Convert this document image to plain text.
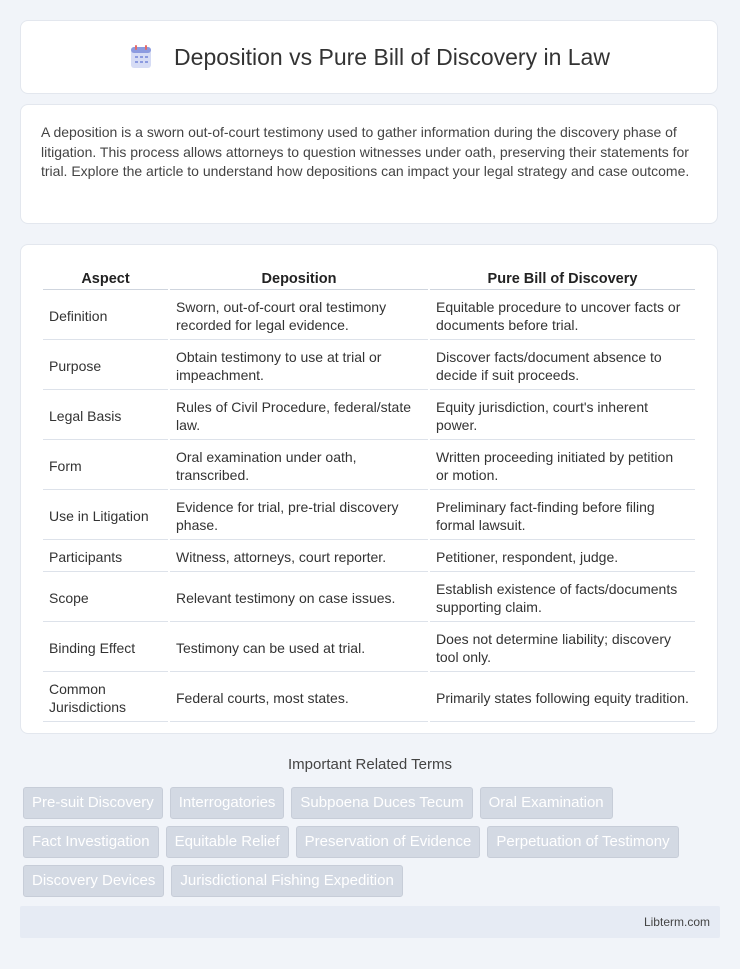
Deposition vs Pure Bill of Discovery in Law

A deposition is a sworn out-of-court testimony used to gather information during the discovery phase of litigation. This process allows attorneys to question witnesses under oath, preserving their statements for trial. Explore the article to understand how depositions can impact your legal strategy and case outcome.

Aspect	Deposition	Pure Bill of Discovery
Definition	Sworn, out-of-court oral testimony recorded for legal evidence.	Equitable procedure to uncover facts or documents before trial.
Purpose	Obtain testimony to use at trial or impeachment.	Discover facts/document absence to decide if suit proceeds.
Legal Basis	Rules of Civil Procedure, federal/state law.	Equity jurisdiction, court's inherent power.
Form	Oral examination under oath, transcribed.	Written proceeding initiated by petition or motion.
Use in Litigation	Evidence for trial, pre-trial discovery phase.	Preliminary fact-finding before filing formal lawsuit.
Participants	Witness, attorneys, court reporter.	Petitioner, respondent, judge.
Scope	Relevant testimony on case issues.	Establish existence of facts/documents supporting claim.
Binding Effect	Testimony can be used at trial.	Does not determine liability; discovery tool only.
Common Jurisdictions	Federal courts, most states.	Primarily states following equity tradition.
Important Related Terms
Pre-suit Discovery	Interrogatories	Subpoena Duces Tecum	Oral Examination
Fact Investigation	Equitable Relief	Preservation of Evidence	Perpetuation of Testimony
Discovery Devices	Jurisdictional Fishing Expedition
Libterm.com
